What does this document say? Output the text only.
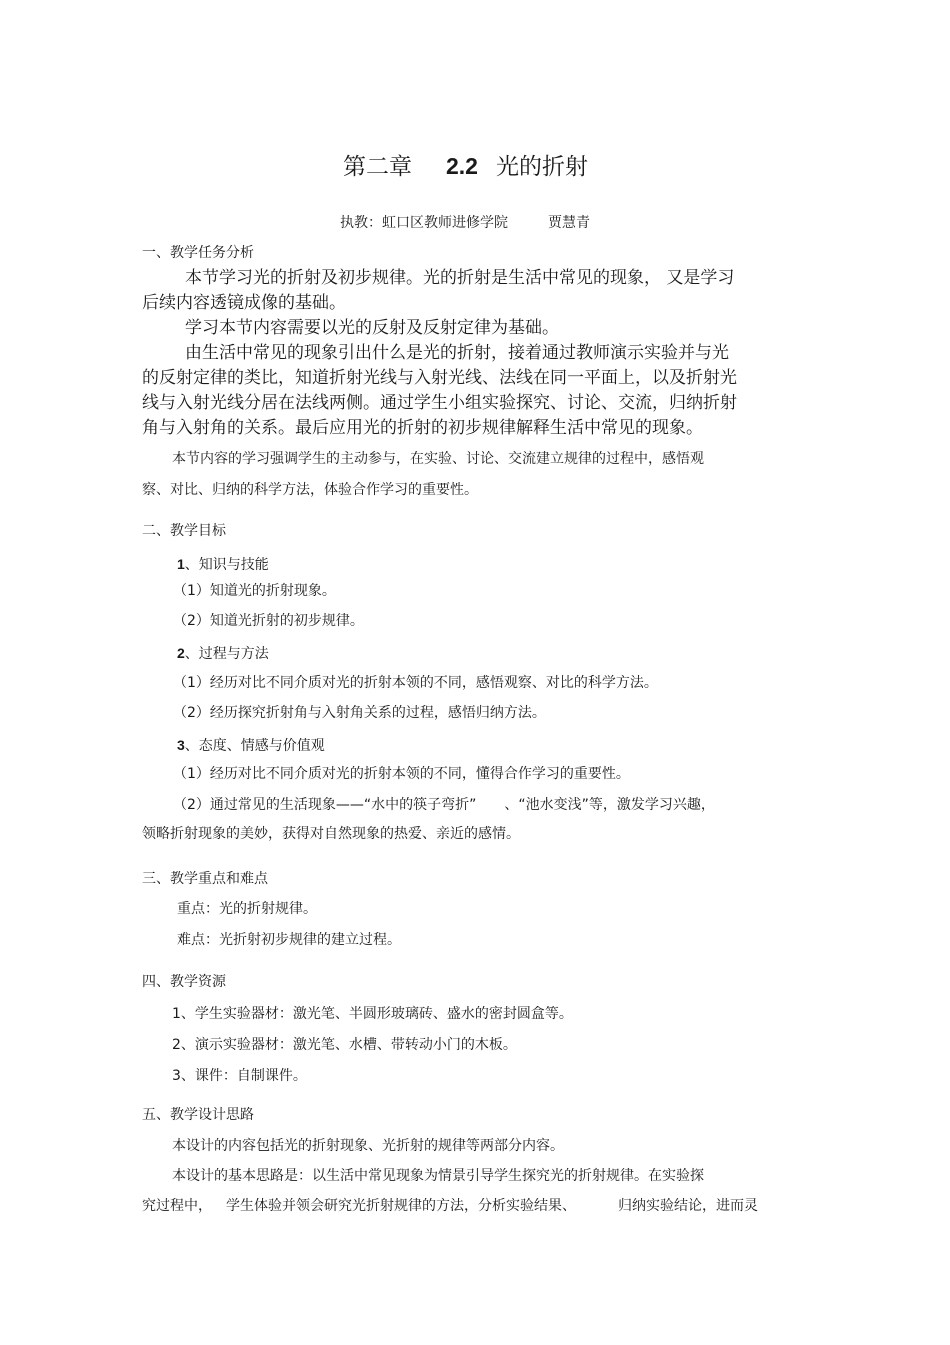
第二章 2.2 光的折射
执教：虹口区教师进修学院	贾慧青
一、教学任务分析
本节学习光的折射及初步规律。光的折射是生活中常见的现象， 又是学习
后续内容透镜成像的基础。
学习本节内容需要以光的反射及反射定律为基础。
由生活中常见的现象引出什么是光的折射，接着通过教师演示实验并与光
的反射定律的类比，知道折射光线与入射光线、法线在同一平面上，以及折射光
线与入射光线分居在法线两侧。通过学生小组实验探究、讨论、交流，归纳折射
角与入射角的关系。最后应用光的折射的初步规律解释生活中常见的现象。
本节内容的学习强调学生的主动参与，在实验、讨论、交流建立规律的过程中，感悟观
察、对比、归纳的科学方法，体验合作学习的重要性。
二、教学目标
1、知识与技能
（1）知道光的折射现象。
（2）知道光折射的初步规律。
2、过程与方法
（1）经历对比不同介质对光的折射本领的不同，感悟观察、对比的科学方法。
（2）经历探究折射角与入射角关系的过程，感悟归纳方法。
3、态度、情感与价值观
（1）经历对比不同介质对光的折射本领的不同，懂得合作学习的重要性。
（2）通过常见的生活现象——“水中的筷子弯折” 、“池水变浅”等，激发学习兴趣，
领略折射现象的美妙，获得对自然现象的热爱、亲近的感情。
三、教学重点和难点
重点：光的折射规律。
难点：光折射初步规律的建立过程。
四、教学资源
1、学生实验器材：激光笔、半圆形玻璃砖、盛水的密封圆盒等。
2、演示实验器材：激光笔、水槽、带转动小门的木板。
3、课件：自制课件。
五、教学设计思路
本设计的内容包括光的折射现象、光折射的规律等两部分内容。
本设计的基本思路是：以生活中常见现象为情景引导学生探究光的折射规律。在实验探
究过程中， 学生体验并领会研究光折射规律的方法，分析实验结果、	归纳实验结论，进而灵
